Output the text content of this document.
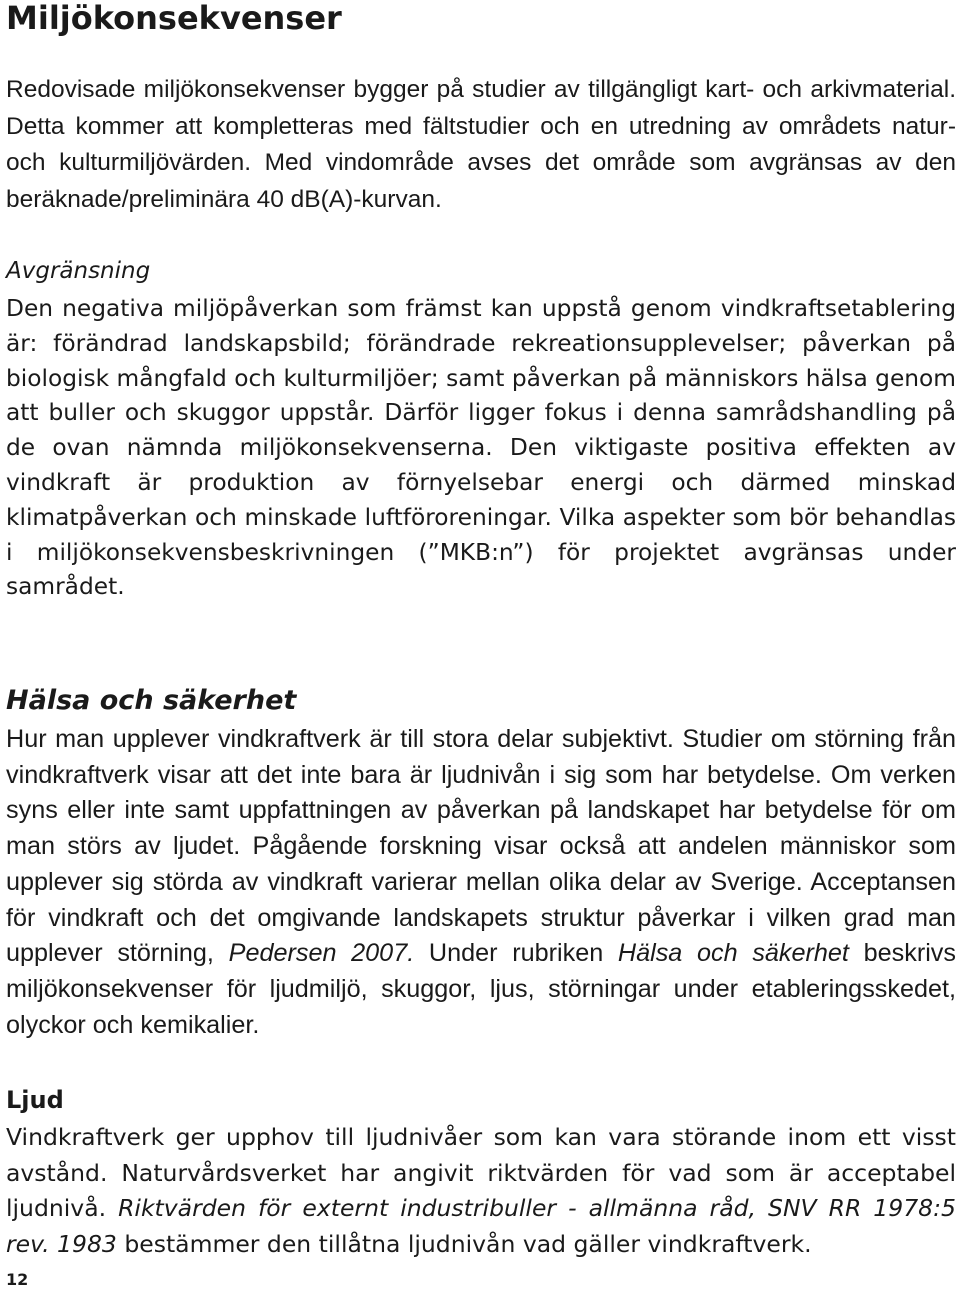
Miljökonsekvenser

Redovisade miljökonsekvenser bygger på studier av tillgängligt kart- och arkivmaterial. Detta kommer att kompletteras med fältstudier och en utredning av områdets natur- och kulturmiljövärden. Med vindområde avses det område som avgränsas av den beräknade/preliminära 40 dB(A)-kurvan.

Avgränsning

Den negativa miljöpåverkan som främst kan uppstå genom vindkraftsetablering är: förändrad landskapsbild; förändrade rekreationsupplevelser; påverkan på biologisk mångfald och kulturmiljöer; samt påverkan på människors hälsa genom att buller och skuggor uppstår. Därför ligger fokus i denna samrådshandling på de ovan nämnda miljökonsekvenserna. Den viktigaste positiva effekten av vindkraft är produktion av förnyelsebar energi och därmed minskad klimatpåverkan och minskade luftföroreningar. Vilka aspekter som bör behandlas i miljökonsekvensbeskrivningen (”MKB:n”) för projektet avgränsas under samrådet.

Hälsa och säkerhet

Hur man upplever vindkraftverk är till stora delar subjektivt. Studier om störning från vindkraftverk visar att det inte bara är ljudnivån i sig som har betydelse. Om verken syns eller inte samt uppfattningen av påverkan på landskapet har betydelse för om man störs av ljudet. Pågående forskning visar också att andelen människor som upplever sig störda av vindkraft varierar mellan olika delar av Sverige. Acceptansen för vindkraft och det omgivande landskapets struktur påverkar i vilken grad man upplever störning, Pedersen 2007. Under rubriken Hälsa och säkerhet beskrivs miljökonsekvenser för ljudmiljö, skuggor, ljus, störningar under etableringsskedet, olyckor och kemikalier.

Ljud

Vindkraftverk ger upphov till ljudnivåer som kan vara störande inom ett visst avstånd. Naturvårdsverket har angivit riktvärden för vad som är acceptabel ljudnivå. Riktvärden för externt industribuller - allmänna råd, SNV RR 1978:5 rev. 1983 bestämmer den tillåtna ljudnivån vad gäller vindkraftverk.

12
